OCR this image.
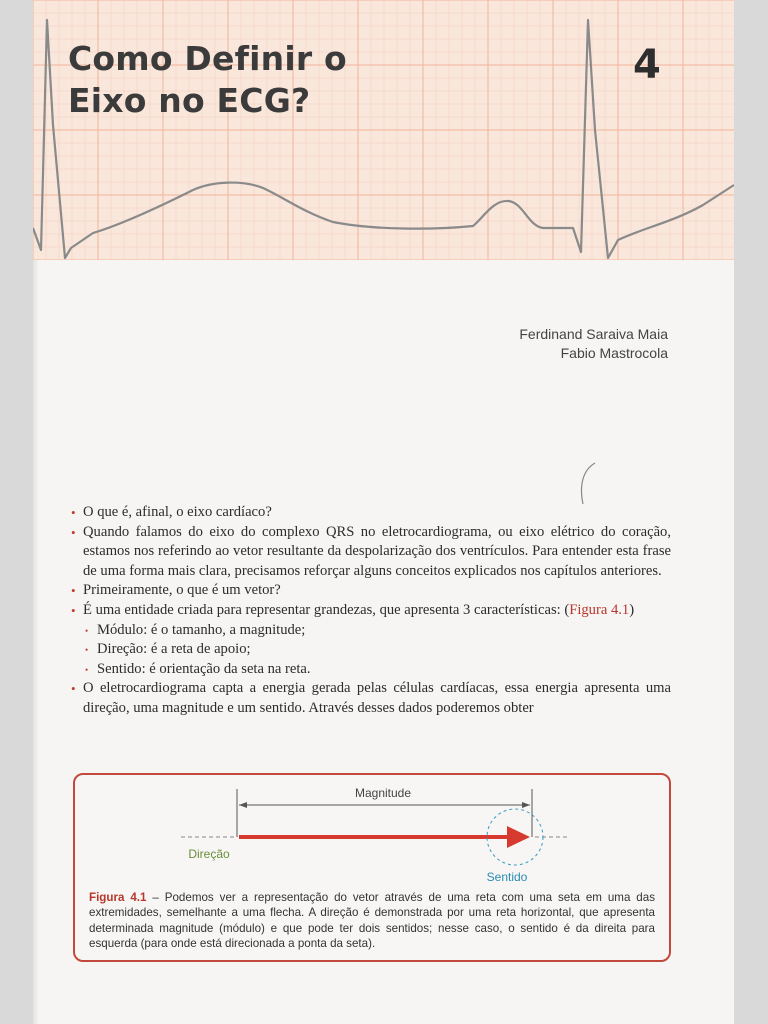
Como Definir o
Eixo no ECG?
4
Ferdinand Saraiva Maia
Fabio Mastrocola
• O que é, afinal, o eixo cardíaco?
• Quando falamos do eixo do complexo QRS no eletrocardiograma, ou eixo elétrico do coração, estamos nos referindo ao vetor resultante da despolarização dos ventrículos. Para entender esta frase de uma forma mais clara, precisamos reforçar alguns conceitos explicados nos capítulos anteriores.
• Primeiramente, o que é um vetor?
• É uma entidade criada para representar grandezas, que apresenta 3 características: (Figura 4.1)
• Módulo: é o tamanho, a magnitude;
• Direção: é a reta de apoio;
• Sentido: é orientação da seta na reta.
• O eletrocardiograma capta a energia gerada pelas células cardíacas, essa energia apresenta uma direção, uma magnitude e um sentido. Através desses dados poderemos obter
Magnitude
Direção
Sentido

Figura 4.1 – Podemos ver a representação do vetor através de uma reta com uma seta em uma das extremidades, semelhante a uma flecha. A direção é demonstrada por uma reta horizontal, que apresenta determinada magnitude (módulo) e que pode ter dois sentidos; nesse caso, o sentido é da direita para esquerda (para onde está direcionada a ponta da seta).
